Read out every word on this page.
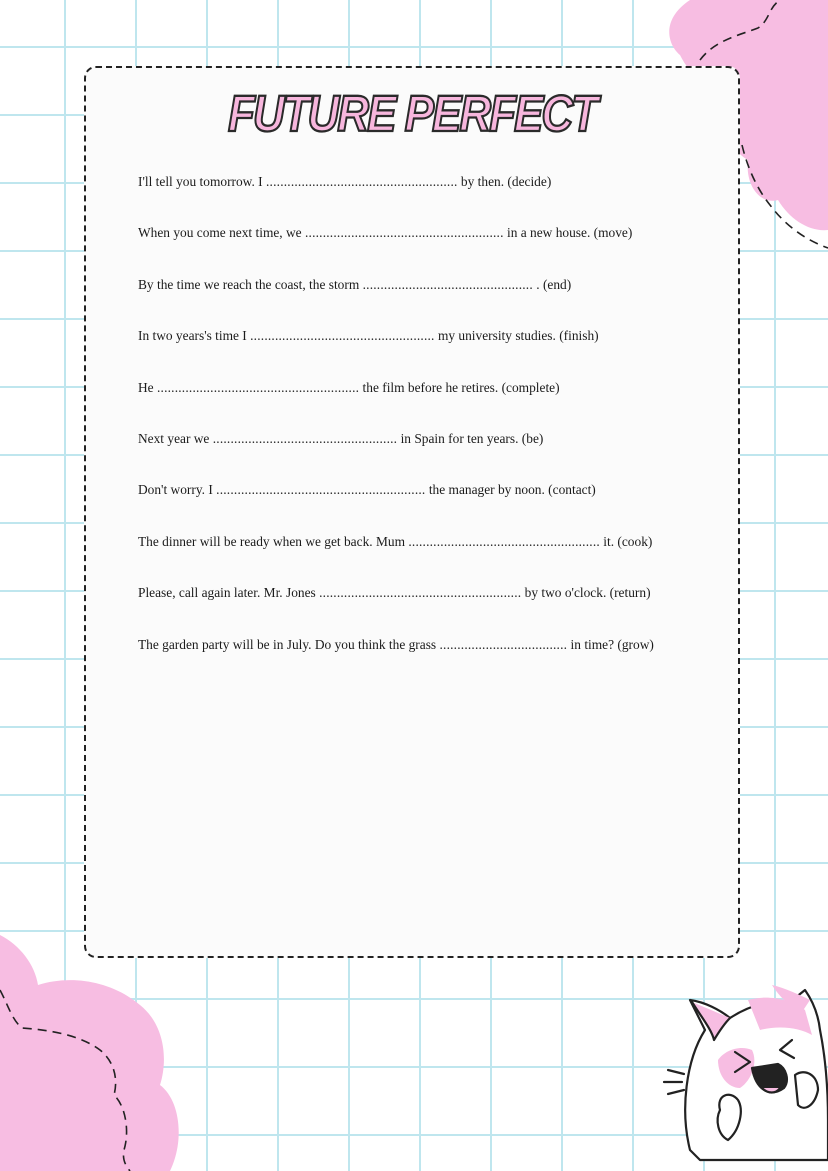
FUTURE PERFECT
I'll tell you tomorrow. I ...................................................... by then. (decide)
When you come next time, we ........................................................ in a new house. (move)
By the time we reach the coast, the storm ................................................ . (end)
In two years's time I .................................................... my university studies. (finish)
He ......................................................... the film before he retires. (complete)
Next year we .................................................... in Spain for ten years. (be)
Don't worry. I ........................................................... the manager by noon. (contact)
The dinner will be ready when we get back. Mum ...................................................... it. (cook)
Please, call again later. Mr. Jones ......................................................... by two o'clock. (return)
The garden party will be in July. Do you think the grass .................................... in time? (grow)
